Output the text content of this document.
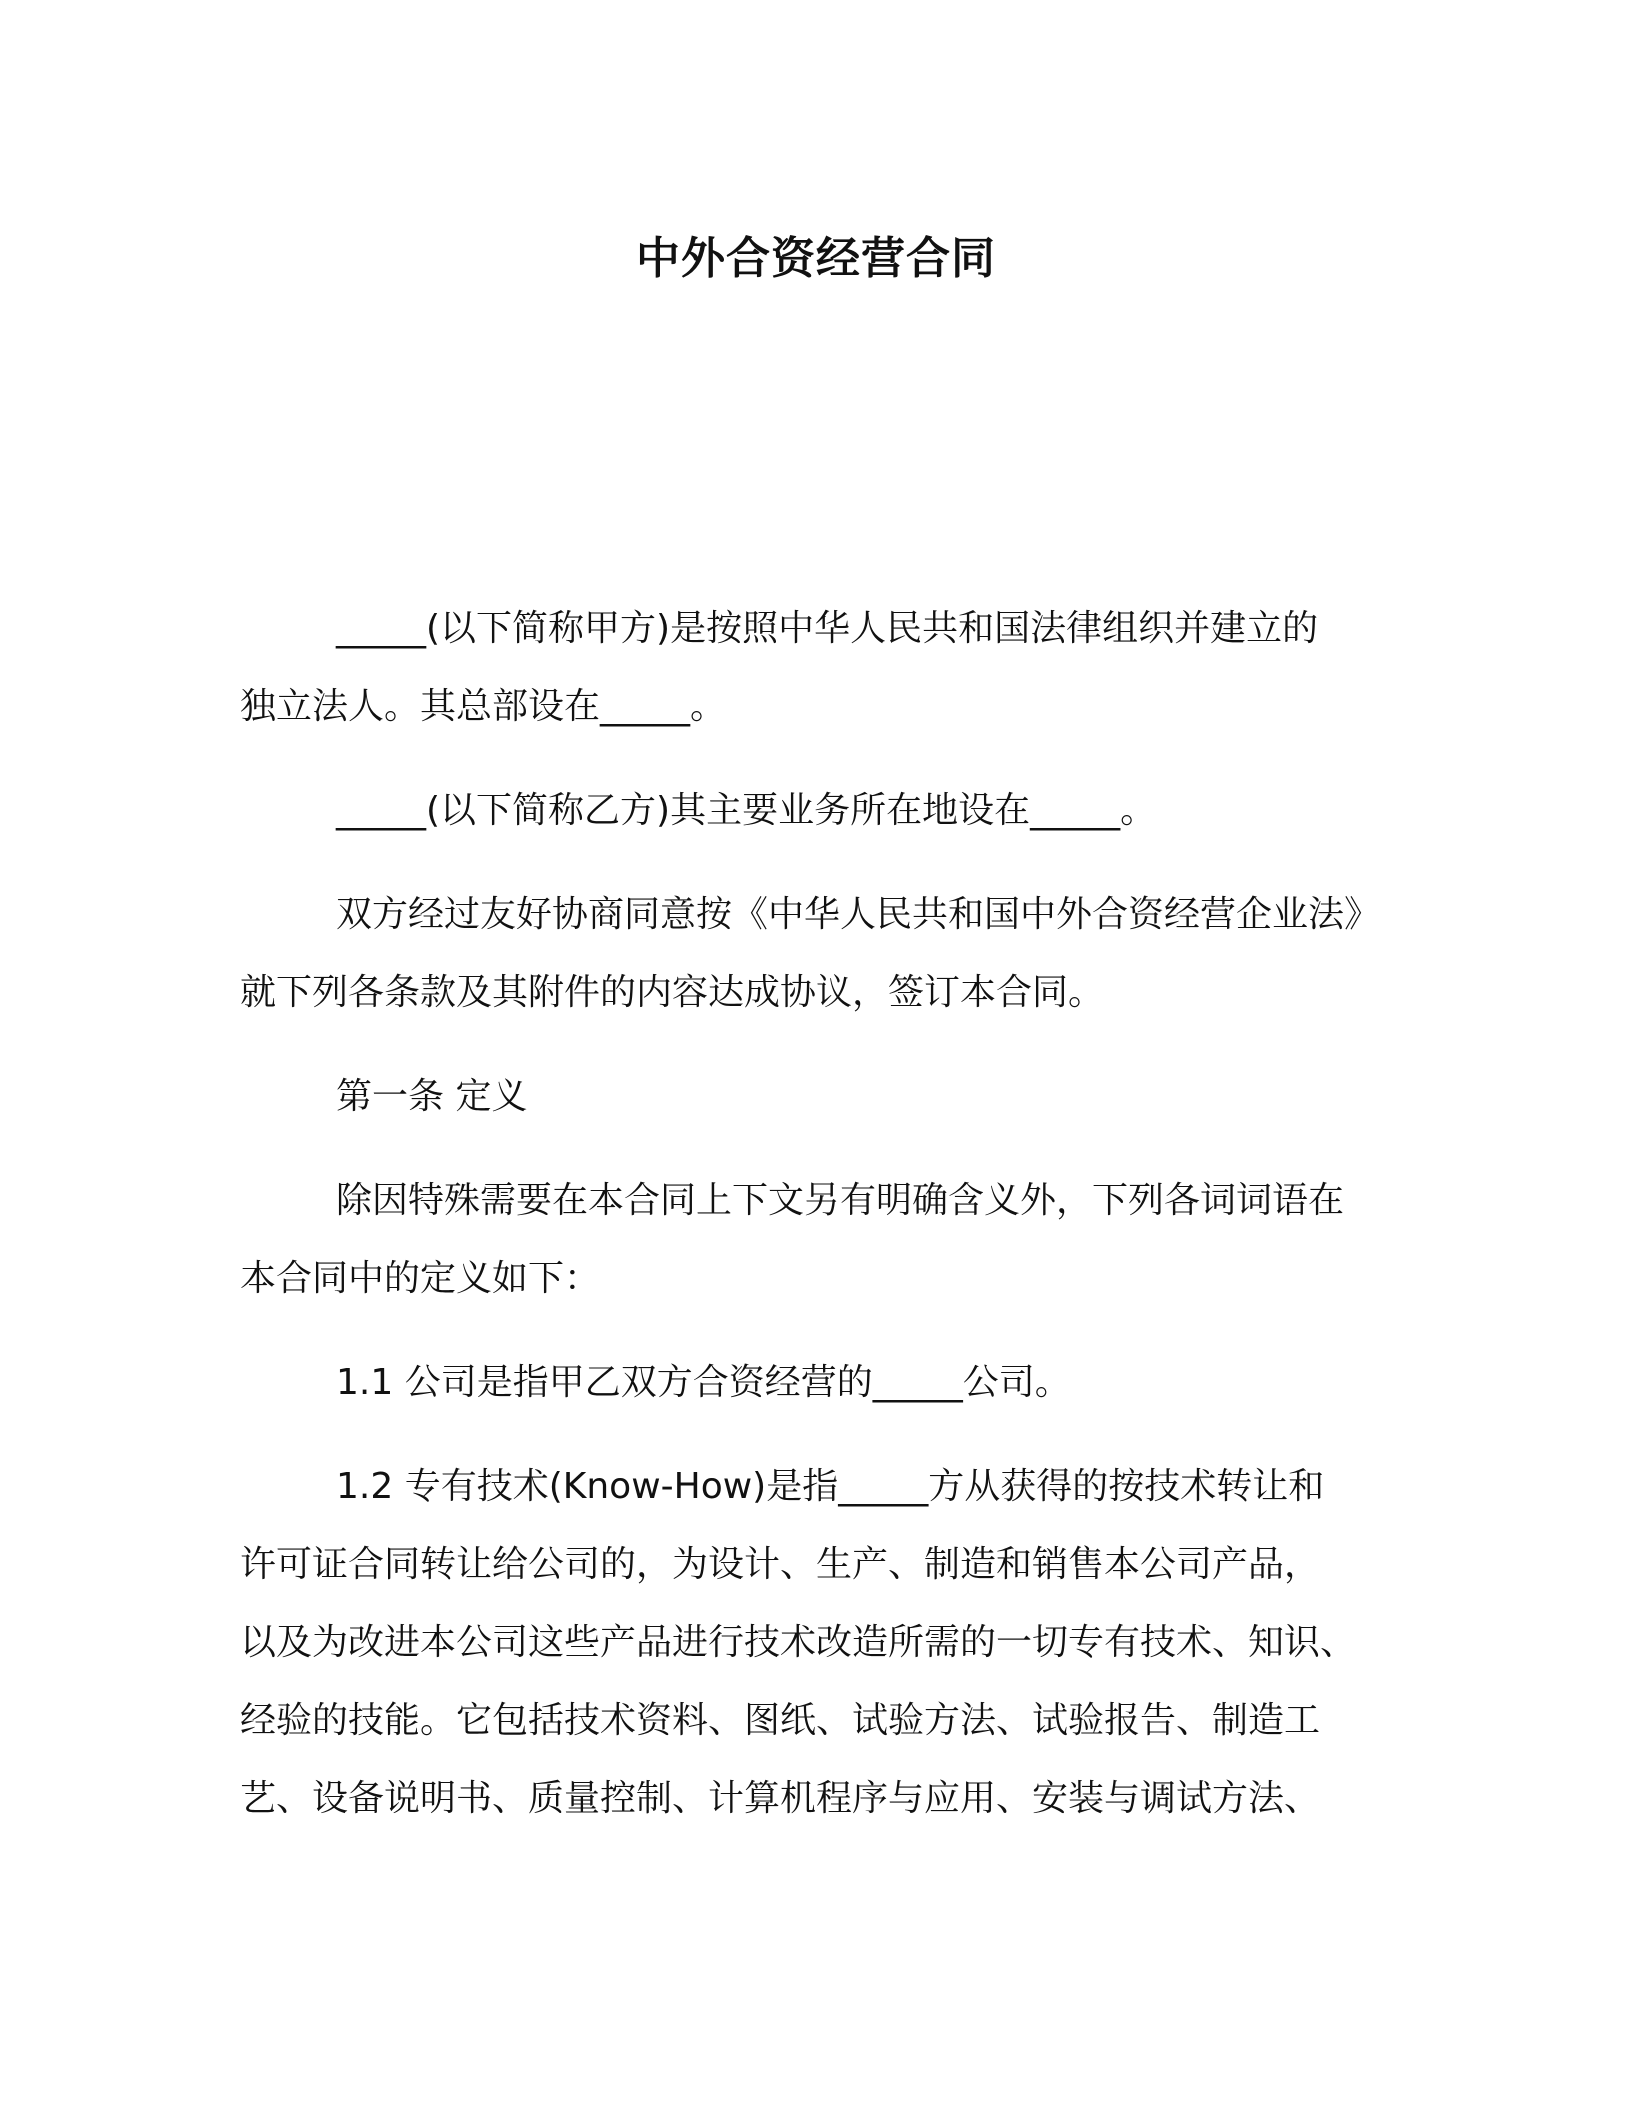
中外合资经营合同

_____(以下简称甲方)是按照中华人民共和国法律组织并建立的
独立法人。其总部设在_____。

_____(以下简称乙方)其主要业务所在地设在_____。

双方经过友好协商同意按《中华人民共和国中外合资经营企业法》
就下列各条款及其附件的内容达成协议，签订本合同。

第一条 定义

除因特殊需要在本合同上下文另有明确含义外，下列各词词语在
本合同中的定义如下：

1.1 公司是指甲乙双方合资经营的_____公司。

1.2 专有技术(Know-How)是指_____方从获得的按技术转让和
许可证合同转让给公司的，为设计、生产、制造和销售本公司产品，
以及为改进本公司这些产品进行技术改造所需的一切专有技术、知识、
经验的技能。它包括技术资料、图纸、试验方法、试验报告、制造工
艺、设备说明书、质量控制、计算机程序与应用、安装与调试方法、
